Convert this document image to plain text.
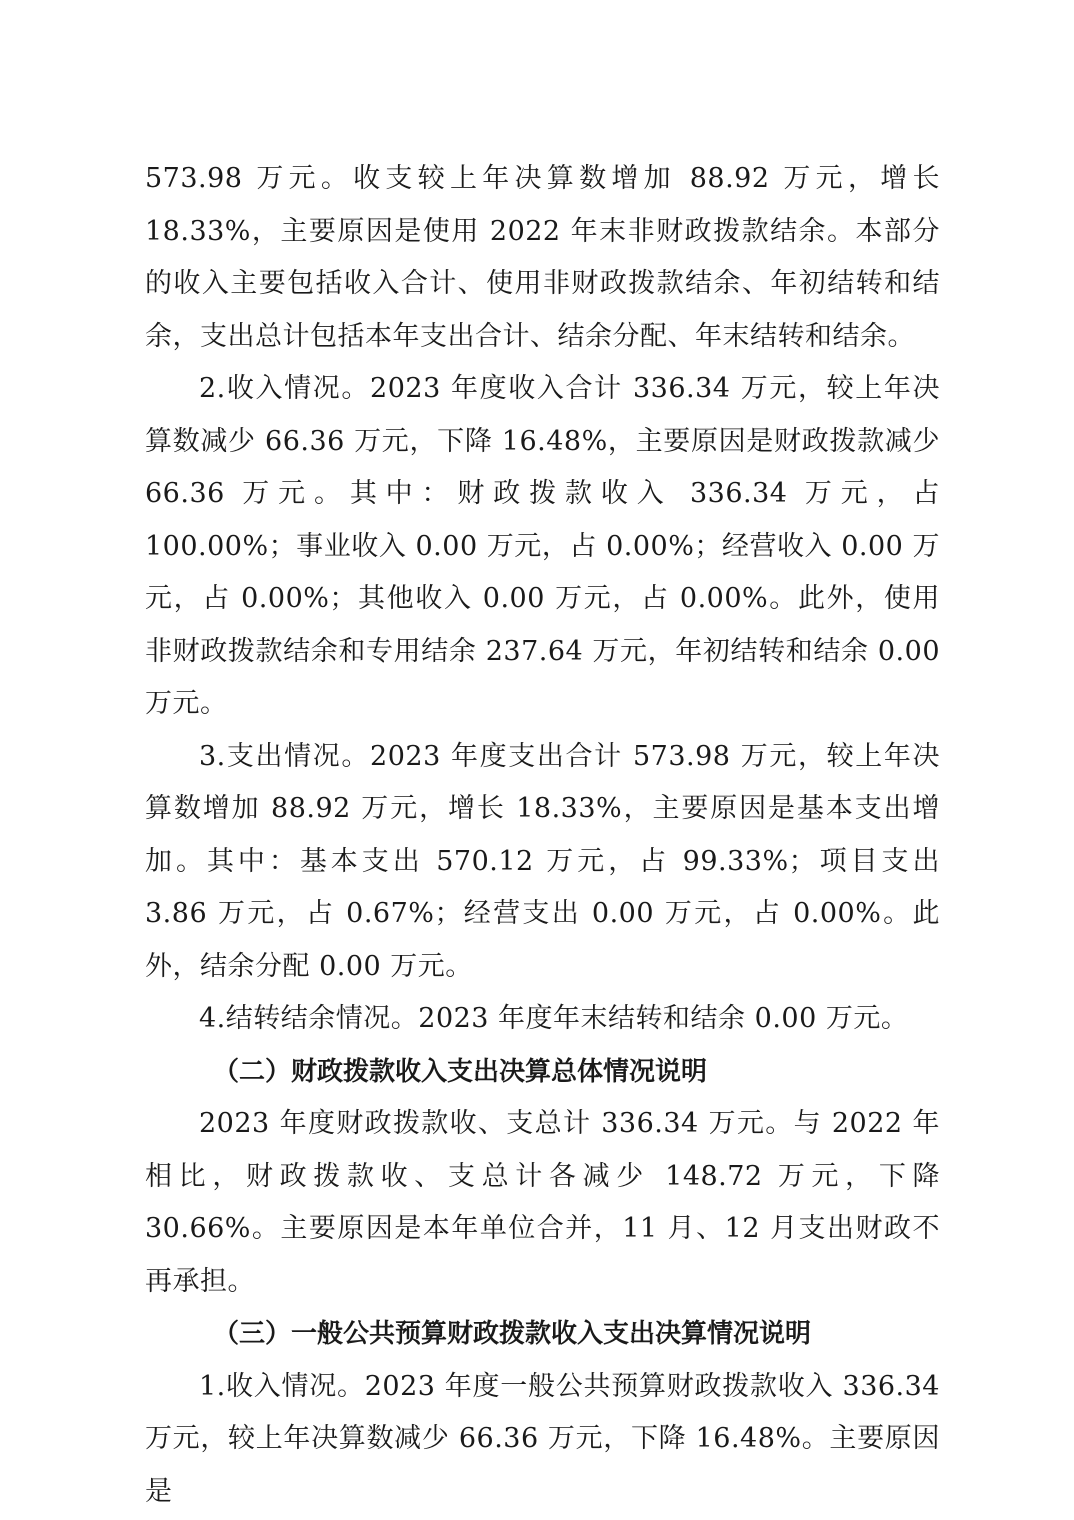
573.98 万元。收支较上年决算数增加 88.92 万元，增长 18.33%，主要原因是使用 2022 年末非财政拨款结余。本部分的收入主要包括收入合计、使用非财政拨款结余、年初结转和结余，支出总计包括本年支出合计、结余分配、年末结转和结余。

2.收入情况。2023 年度收入合计 336.34 万元，较上年决算数减少 66.36 万元，下降 16.48%，主要原因是财政拨款减少 66.36 万元。其中：财政拨款收入 336.34 万元，占 100.00%；事业收入 0.00 万元，占 0.00%；经营收入 0.00 万元，占 0.00%；其他收入 0.00 万元，占 0.00%。此外，使用非财政拨款结余和专用结余 237.64 万元，年初结转和结余 0.00 万元。

3.支出情况。2023 年度支出合计 573.98 万元，较上年决算数增加 88.92 万元，增长 18.33%，主要原因是基本支出增加。其中：基本支出 570.12 万元，占 99.33%；项目支出 3.86 万元，占 0.67%；经营支出 0.00 万元，占 0.00%。此外，结余分配 0.00 万元。

4.结转结余情况。2023 年度年末结转和结余 0.00 万元。

（二）财政拨款收入支出决算总体情况说明

2023 年度财政拨款收、支总计 336.34 万元。与 2022 年相比，财政拨款收、支总计各减少 148.72 万元，下降 30.66%。主要原因是本年单位合并，11 月、12 月支出财政不再承担。

（三）一般公共预算财政拨款收入支出决算情况说明

1.收入情况。2023 年度一般公共预算财政拨款收入 336.34 万元，较上年决算数减少 66.36 万元，下降 16.48%。主要原因是
